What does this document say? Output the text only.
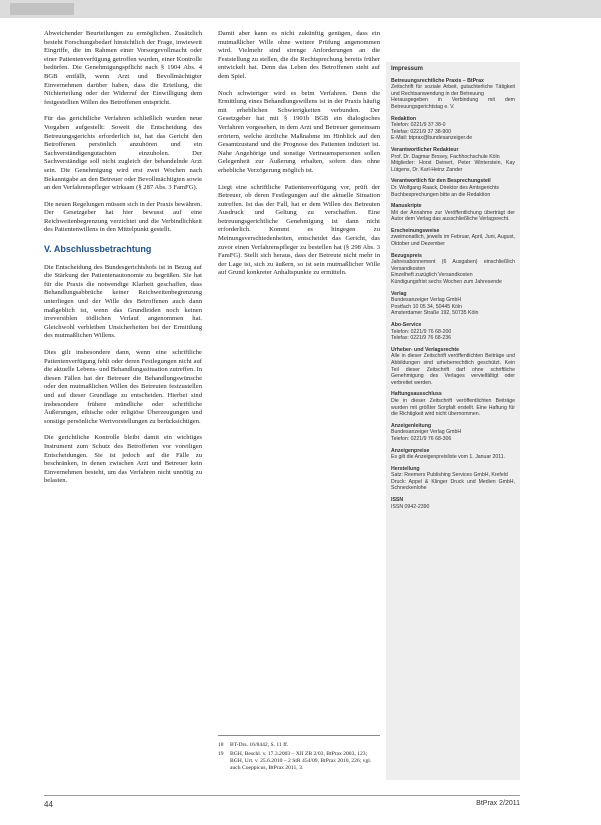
Abweichender Beurteilungen zu ermöglichen. Zusätzlich besteht Forschungsbedarf hinsichtlich der Frage, inwieweit Eingriffe, die im Rahmen einer Vorsorgevollmacht oder einer Patientenverfügung getroffen wurden, einer Kontrolle bedürfen. Die Genehmigungspflicht nach § 1904 Abs. 4 BGB entfällt, wenn Arzt und Bevollmächtigter Einvernehmen darüber haben, dass die Erteilung, die Nichterteilung oder der Widerruf der Einwilligung dem festgestellten Willen des Betroffenen entspricht.

Für das gerichtliche Verfahren schließlich wurden neue Vorgaben aufgestellt: Soweit die Entscheidung des Betreuungsgerichts erforderlich ist, hat das Gericht den Betroffenen persönlich anzuhören und ein Sachverständigengutachten einzuholen. Der Sachverständige soll nicht zugleich der behandelnde Arzt sein. Die Genehmigung wird erst zwei Wochen nach Bekanntgabe an den Betreuer oder Bevollmächtigten sowie an den Verfahrenspfleger wirksam (§ 287 Abs. 3 FamFG).

Die neuen Regelungen müssen sich in der Praxis bewähren. Der Gesetzgeber hat hier bewusst auf eine Reichweitenbegrenzung verzichtet und die Verbindlichkeit des Patientenwillens in den Mittelpunkt gestellt.

V. Abschlussbetrachtung

Die Entscheidung des Bundesgerichtshofs ist in Bezug auf die Stärkung der Patientenautonomie zu begrüßen. Sie hat für die Praxis die notwendige Klarheit geschaffen, dass Behandlungsabbrüche keiner Reichweitenbegrenzung unterliegen und der Wille des Betroffenen auch dann maßgeblich ist, wenn das Grundleiden noch keinen irreversiblen tödlichen Verlauf angenommen hat. Gleichwohl verbleiben Unsicherheiten bei der Ermittlung des mutmaßlichen Willens.

Dies gilt insbesondere dann, wenn eine schriftliche Patientenverfügung fehlt oder deren Festlegungen nicht auf die aktuelle Lebens- und Behandlungssituation zutreffen. In diesen Fällen hat der Betreuer die Behandlungswünsche oder den mutmaßlichen Willen des Betreuten festzustellen und auf dieser Grundlage zu entscheiden. Hierbei sind insbesondere frühere mündliche oder schriftliche Äußerungen, ethische oder religiöse Überzeugungen und sonstige persönliche Wertvorstellungen zu berücksichtigen.

Die gerichtliche Kontrolle bleibt damit ein wichtiges Instrument zum Schutz des Betroffenen vor voreiligen Entscheidungen. Sie ist jedoch auf die Fälle zu beschränken, in denen zwischen Arzt und Betreuer kein Einvernehmen besteht, um das Verfahren nicht unnötig zu belasten.

Damit aber kann es nicht zukünftig genügen, dass ein mutmaßlicher Wille ohne weitere Prüfung angenommen wird. Vielmehr sind strenge Anforderungen an die Feststellung zu stellen, die die Rechtsprechung bereits früher entwickelt hat. Denn das Leben des Betroffenen steht auf dem Spiel.

Noch schwieriger wird es beim Verfahren. Denn die Ermittlung eines Behandlungswillens ist in der Praxis häufig mit erheblichen Schwierigkeiten verbunden. Der Gesetzgeber hat mit § 1901b BGB ein dialogisches Verfahren vorgesehen, in dem Arzt und Betreuer gemeinsam erörtern, welche ärztliche Maßnahme im Hinblick auf den Gesamtzustand und die Prognose des Patienten indiziert ist. Nahe Angehörige und sonstige Vertrauenspersonen sollen Gelegenheit zur Äußerung erhalten, sofern dies ohne erhebliche Verzögerung möglich ist.

Liegt eine schriftliche Patientenverfügung vor, prüft der Betreuer, ob deren Festlegungen auf die aktuelle Situation zutreffen. Ist das der Fall, hat er dem Willen des Betreuten Ausdruck und Geltung zu verschaffen. Eine betreuungsgerichtliche Genehmigung ist dann nicht erforderlich. Kommt es hingegen zu Meinungsverschiedenheiten, entscheidet das Gericht, das zuvor einen Verfahrenspfleger zu bestellen hat (§ 298 Abs. 3 FamFG). Stellt sich heraus, dass der Betreute nicht mehr in der Lage ist, sich zu äußern, so ist sein mutmaßlicher Wille auf Grund konkreter Anhaltspunkte zu ermitteln.

18	BT-Drs. 16/8442, S. 11 ff.
19	BGH, Beschl. v. 17.3.2003 – XII ZB 2/03, BtPrax 2003, 123; BGH, Urt. v. 25.6.2010 – 2 StR 454/09, BtPrax 2010, 226; vgl. auch Coeppicus, BtPrax 2011, 3.
Impressum
Betreuungsrechtliche Praxis – BtPrax
Zeitschrift für soziale Arbeit, gutachterliche Tätigkeit und Rechtsanwendung in der Betreuung
Herausgegeben in Verbindung mit dem Betreuungsgerichtstag e. V.
Redaktion
Telefon: 0221/9 37 38-0
Telefax: 0221/9 37 38-900
E-Mail: btprax@bundesanzeiger.de
Verantwortlicher Redakteur
Prof. Dr. Dagmar Brosey, Fachhochschule Köln
Mitglieder: Horst Deinert, Peter Winterstein, Kay Lütgens, Dr. Karl-Heinz Zander
Verantwortlich für den Besprechungsteil
Dr. Wolfgang Raack, Direktor des Amtsgerichts
Buchbesprechungen bitte an die Redaktion
Manuskripte
Mit der Annahme zur Veröffentlichung überträgt der Autor dem Verlag das ausschließliche Verlagsrecht.
Erscheinungsweise
zweimonatlich, jeweils im Februar, April, Juni, August, Oktober und Dezember
Bezugspreis
Jahresabonnement (6 Ausgaben) einschließlich Versandkosten
Einzelheft zuzüglich Versandkosten
Kündigungsfrist sechs Wochen zum Jahresende
Verlag
Bundesanzeiger Verlag GmbH
Postfach 10 05 34, 50445 Köln
Amsterdamer Straße 192, 50735 Köln
Abo-Service
Telefon: 0221/9 76 68-200
Telefax: 0221/9 76 68-236
Urheber- und Verlagsrechte
Alle in dieser Zeitschrift veröffentlichten Beiträge und Abbildungen sind urheberrechtlich geschützt. Kein Teil dieser Zeitschrift darf ohne schriftliche Genehmigung des Verlages vervielfältigt oder verbreitet werden.
Haftungsausschluss
Die in dieser Zeitschrift veröffentlichten Beiträge wurden mit größter Sorgfalt erstellt. Eine Haftung für die Richtigkeit wird nicht übernommen.
Anzeigenleitung
Bundesanzeiger Verlag GmbH
Telefon: 0221/9 76 68-306
Anzeigenpreise
Es gilt die Anzeigenpreisliste vom 1. Januar 2011.
Herstellung
Satz: Reemers Publishing Services GmbH, Krefeld
Druck: Appel & Klinger Druck und Medien GmbH, Schneckenlohe
ISSN
ISSN 0942-2390
44	BtPrax 2/2011
